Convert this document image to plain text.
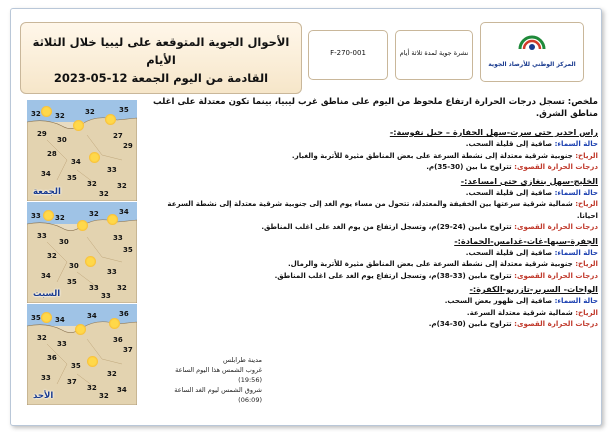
الأحوال الجوية المتوقعة على ليبيا خلال الثلاثة الأيام
القادمة من اليوم الجمعة 12-05-2023
F-270-001	نشرة جوية لمدة ثلاثة أيام
المركز الوطني للأرصاد الجوية
32 32	32	35
29
30	27
29
28
34
34 35
33
32	32
32
الجمعة
33 32	32	34
33
30	33
35
32
30
34
35
33
33	32
33
السبت
35 34	34	36
32
33	36
37
36
35
33 37
32
32	34
32
الأحد
ملخص: تسجل درجات الحرارة ارتفاع ملحوظ من اليوم على مناطق غرب ليبيا، بينما تكون معتدلة على اغلب مناطق الشرق.
راس اجدير حتى سرت-سهل الجفارة – جبل نفوسة:-
حالة السماء: صافية إلى قليلة السحب.
الرياح: جنوبية شرقية معتدلة إلى نشطة السرعة على بعض المناطق مثيرة للأتربة والغبار.
درجات الحرارة القصوى: تتراوح ما بين (30-35)م.
الخليج-سهل بنغازي حتى امساعد:-
حالة السماء: صافية إلى قليلة السحب.
الرياح: شمالية شرقية سرعتها بين الخفيفة والمعتدلة، تتحول من مساء يوم الغد إلى جنوبية شرقية معتدلة إلى نشطة السرعة احيانا.
درجات الحرارة القصوى: تتراوح مابين (24-29)م، وتسجل ارتفاع من يوم الغد على اغلب المناطق.
الجفرة-سبها-غات-غدامس-الحمادة:-
حالة السماء: صافية إلى قليلة السحب.
الرياح: جنوبية شرقية معتدلة إلى نشطة السرعة على بعض المناطق مثيرة للأتربة والرمال.
درجات الحرارة القصوى: تتراوح مابين (33-38)م، وتسجل ارتفاع يوم الغد على اغلب المناطق.
الواحات- السرير-تازربو-الكفرة:-
حالة السماء: صافية إلى ظهور بعض السحب.
الرياح: شمالية شرقية معتدلة السرعة.
درجات الحرارة القصوى: تتراوح مابين (30-34)م.
مدينة طرابلس
غروب الشمس هذا اليوم الساعة (19:56)
شروق الشمس ليوم الغد الساعة (06:09)
